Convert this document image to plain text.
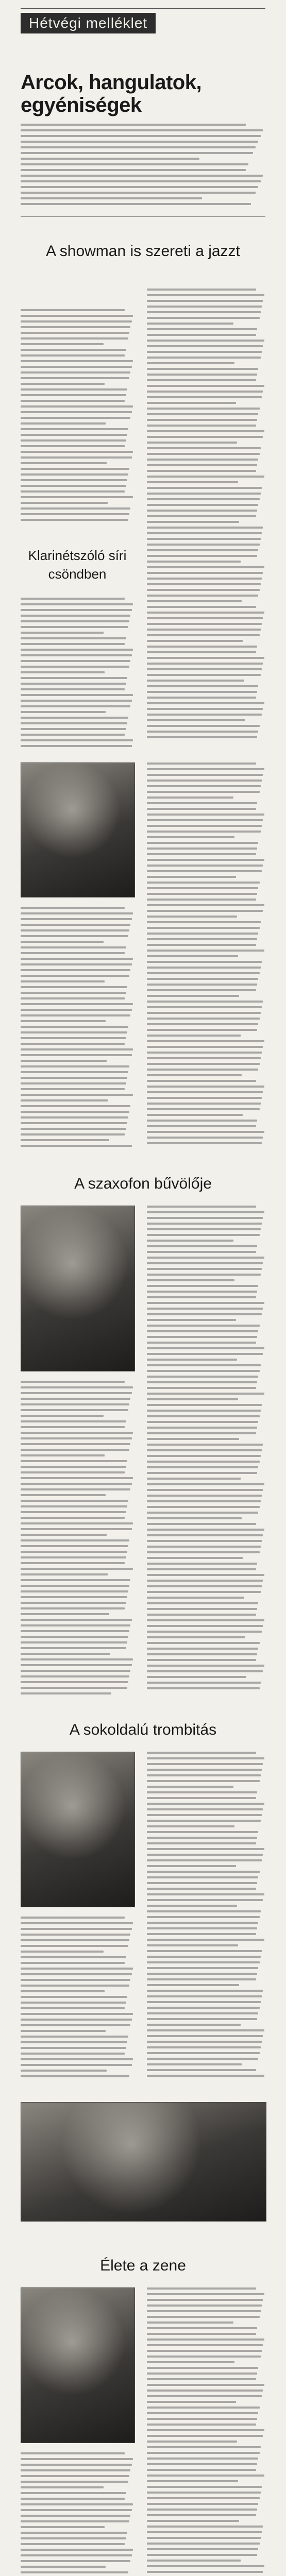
Hétvégi melléklet
Arcok, hangulatok, egyéniségek
A showman is szereti a jazzt
Klarinétszóló síri csöndben
A szaxofon bűvölője
A sokoldalú trombitás
Élete a zene
